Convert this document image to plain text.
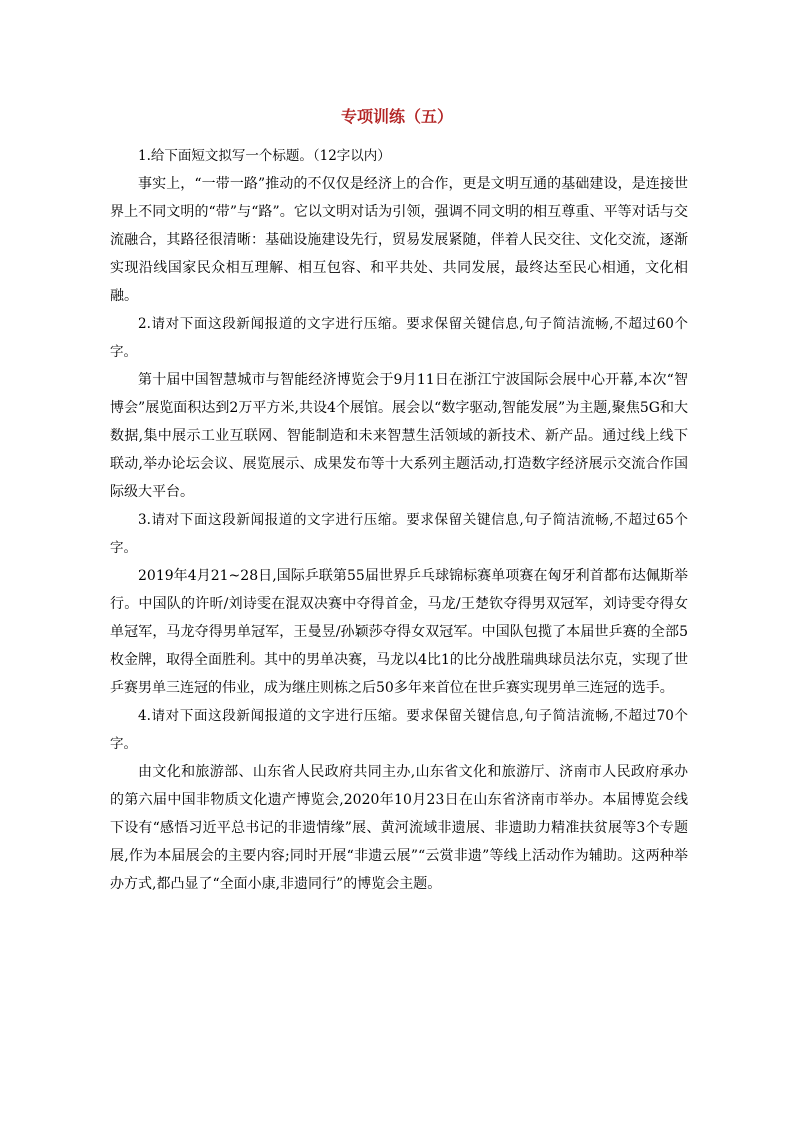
专项训练（五）

1.给下面短文拟写一个标题。（12字以内）

事实上，“一带一路”推动的不仅仅是经济上的合作，更是文明互通的基础建设，是连接世界上不同文明的“带”与“路”。它以文明对话为引领，强调不同文明的相互尊重、平等对话与交流融合，其路径很清晰：基础设施建设先行，贸易发展紧随，伴着人民交往、文化交流，逐渐实现沿线国家民众相互理解、相互包容、和平共处、共同发展，最终达至民心相通，文化相融。

2.请对下面这段新闻报道的文字进行压缩。要求保留关键信息,句子简洁流畅,不超过60个字。

第十届中国智慧城市与智能经济博览会于9月11日在浙江宁波国际会展中心开幕,本次“智博会”展览面积达到2万平方米,共设4个展馆。展会以“数字驱动,智能发展”为主题,聚焦5G和大数据,集中展示工业互联网、智能制造和未来智慧生活领域的新技术、新产品。通过线上线下联动,举办论坛会议、展览展示、成果发布等十大系列主题活动,打造数字经济展示交流合作国际级大平台。

3.请对下面这段新闻报道的文字进行压缩。要求保留关键信息,句子简洁流畅,不超过65个字。

2019年4月21~28日,国际乒联第55届世界乒乓球锦标赛单项赛在匈牙利首都布达佩斯举行。中国队的许昕/刘诗雯在混双决赛中夺得首金，马龙/王楚钦夺得男双冠军，刘诗雯夺得女单冠军，马龙夺得男单冠军，王曼昱/孙颖莎夺得女双冠军。中国队包揽了本届世乒赛的全部5枚金牌，取得全面胜利。其中的男单决赛，马龙以4比1的比分战胜瑞典球员法尔克，实现了世乒赛男单三连冠的伟业，成为继庄则栋之后50多年来首位在世乒赛实现男单三连冠的选手。

4.请对下面这段新闻报道的文字进行压缩。要求保留关键信息,句子简洁流畅,不超过70个字。

由文化和旅游部、山东省人民政府共同主办,山东省文化和旅游厅、济南市人民政府承办的第六届中国非物质文化遗产博览会,2020年10月23日在山东省济南市举办。本届博览会线下设有“感悟习近平总书记的非遗情缘”展、黄河流域非遗展、非遗助力精准扶贫展等3个专题展,作为本届展会的主要内容;同时开展“非遗云展”“云赏非遗”等线上活动作为辅助。这两种举办方式,都凸显了“全面小康,非遗同行”的博览会主题。
